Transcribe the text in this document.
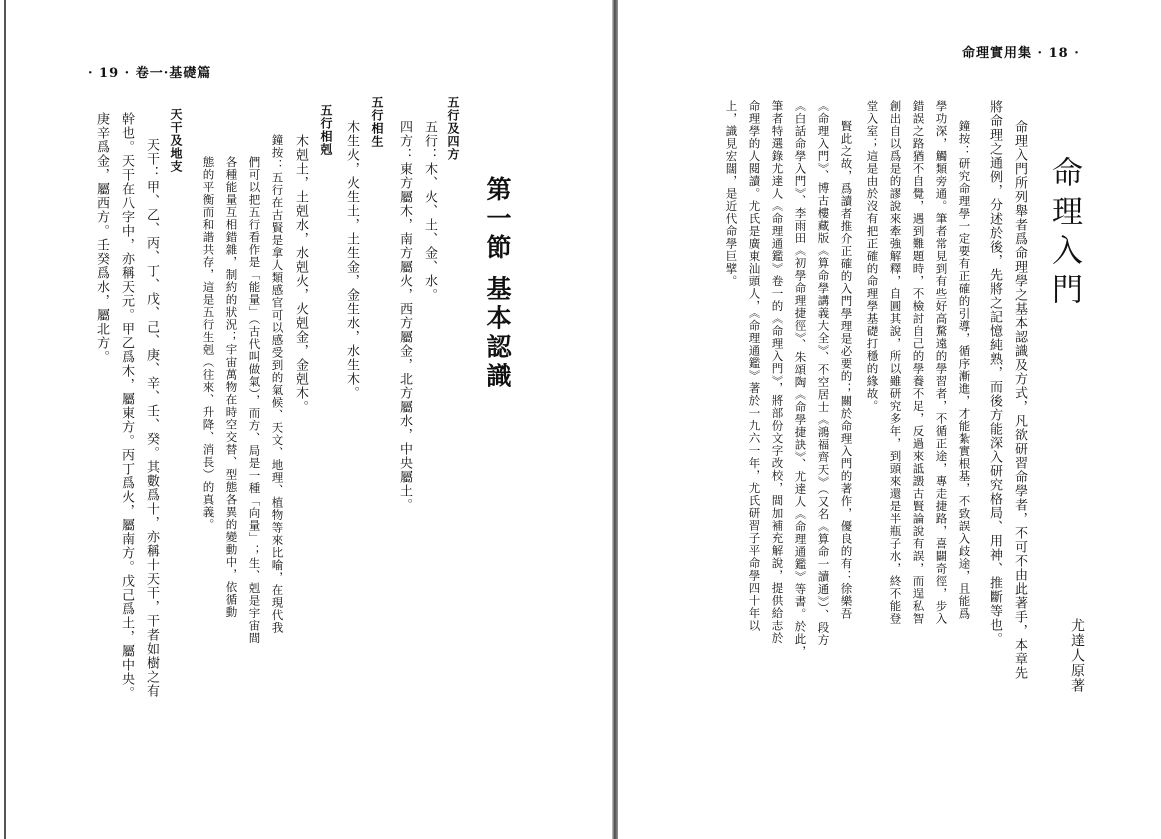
· 19 · 卷一·基礎篇
第一節 基本認識
五行及四方
五行：木、火、土、金、水。
四方：東方屬木，南方屬火，西方屬金，北方屬水，中央屬土。
五行相生
木生火，火生土，土生金，金生水，水生木。
五行相剋
木剋土，土剋水，水剋火，火剋金，金剋木。
鐘按：五行在古賢是拿人類感官可以感受到的氣候、天文、地理、植物等來比喻，在現代我
們可以把五行看作是「能量」（古代叫做氣），而方、局是一種「向量」；生、剋是宇宙間
各種能量互相錯雜，制約的狀況；宇宙萬物在時空交替、型態各異的變動中，依循動
態的平衡而和諧共存，這是五行生剋（往來、升降、消長）的真義。
天干及地支
天干：甲、乙、丙、丁、戊、己、庚、辛、壬、癸。其數爲十，亦稱十天干，干者如樹之有
幹也。天干在八字中，亦稱天元。甲乙爲木，屬東方。丙丁爲火，屬南方。戊己爲土，屬中央。
庚辛爲金，屬西方。壬癸爲水，屬北方。
命理實用集 · 18 ·
命理入門
尤達人原著
命理入門所列舉者爲命理學之基本認識及方式，凡欲研習命學者，不可不由此著手，本章先
將命理之通例，分述於後，先將之記憶純熟，而後方能深入研究格局、用神、推斷等也。
鐘按：研究命理學一定要有正確的引導，循序漸進，才能紮實根基，不致誤入歧途，且能爲
學功深，觸類旁通。筆者常見到有些好高騖遠的學習者，不循正途，專走捷路，喜闢奇徑，步入
錯誤之路猶不自覺，遇到難題時，不檢討自己的學養不足，反過來詆譭古賢論說有誤，而逞私智
創出自以爲是的謬說來牽強解釋，自圓其說，所以雖研究多年，到頭來還是半瓶子水，終不能登
堂入室；這是由於沒有把正確的命理學基礎打穩的緣故。
賢此之故，爲讀者推介正確的入門學理是必要的；關於命理入門的著作，優良的有：徐樂吾
《命理入門》、博古樓藏版《算命學講義大全》、不空居士《鴻福齊天》（又名《算命一讀通》）、段方
《白話命學入門》、李雨田《初學命理捷徑》、朱頌陶《命學捷訣》、尤達人《命理通鑑》等書。於此，
筆者特選錄尤達人《命理通鑑》卷一的《命理入門》，將部份文字改校，間加補充解說，提供給志於
命理學的人閱讀。尤氏是廣東汕頭人，《命理通鑑》著於一九六一年，尤氏研習子平命學四十年以
上，識見宏闊，是近代命學巨擘。
